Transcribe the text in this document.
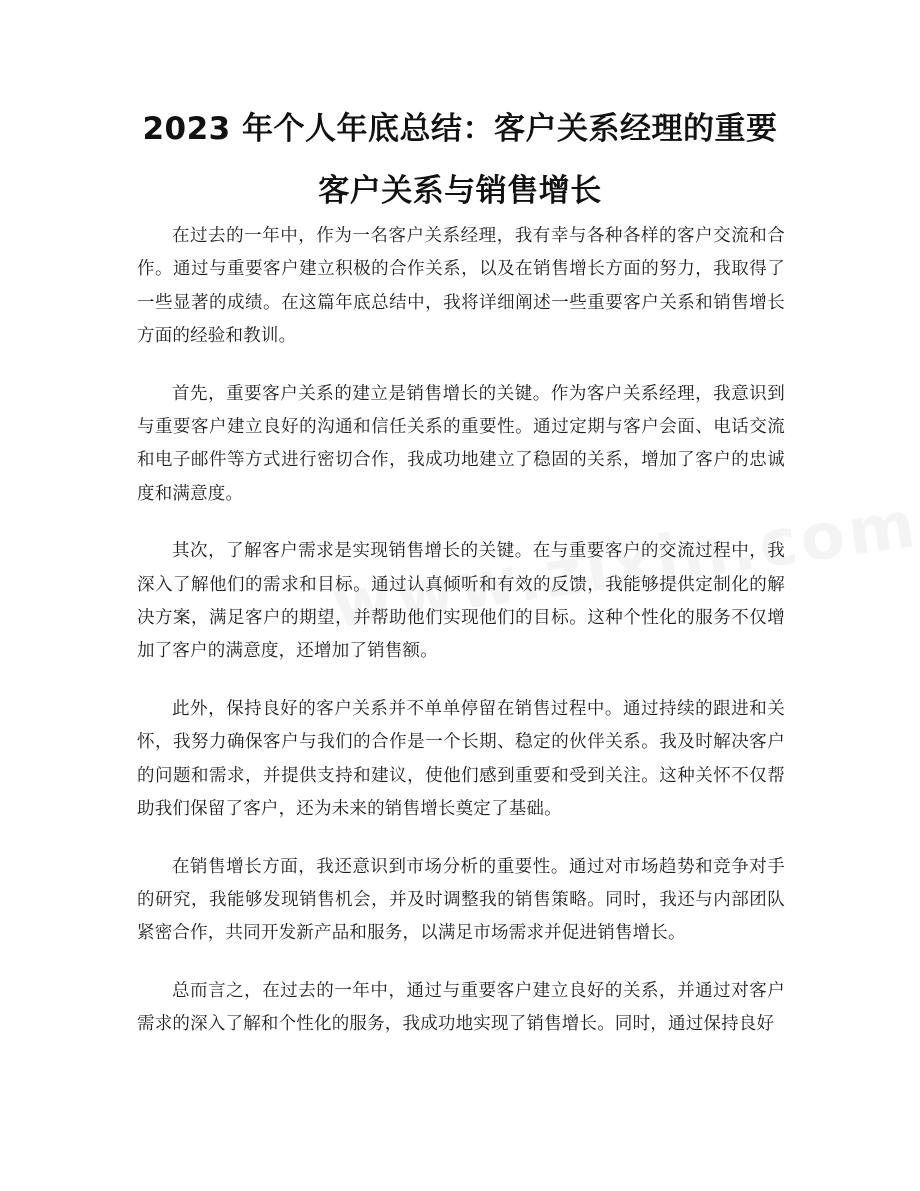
2023 年个人年底总结：客户关系经理的重要
客户关系与销售增长

在过去的一年中，作为一名客户关系经理，我有幸与各种各样的客户交流和合作。通过与重要客户建立积极的合作关系，以及在销售增长方面的努力，我取得了一些显著的成绩。在这篇年底总结中，我将详细阐述一些重要客户关系和销售增长方面的经验和教训。

首先，重要客户关系的建立是销售增长的关键。作为客户关系经理，我意识到与重要客户建立良好的沟通和信任关系的重要性。通过定期与客户会面、电话交流和电子邮件等方式进行密切合作，我成功地建立了稳固的关系，增加了客户的忠诚度和满意度。

其次，了解客户需求是实现销售增长的关键。在与重要客户的交流过程中，我深入了解他们的需求和目标。通过认真倾听和有效的反馈，我能够提供定制化的解决方案，满足客户的期望，并帮助他们实现他们的目标。这种个性化的服务不仅增加了客户的满意度，还增加了销售额。

此外，保持良好的客户关系并不单单停留在销售过程中。通过持续的跟进和关怀，我努力确保客户与我们的合作是一个长期、稳定的伙伴关系。我及时解决客户的问题和需求，并提供支持和建议，使他们感到重要和受到关注。这种关怀不仅帮助我们保留了客户，还为未来的销售增长奠定了基础。

在销售增长方面，我还意识到市场分析的重要性。通过对市场趋势和竞争对手的研究，我能够发现销售机会，并及时调整我的销售策略。同时，我还与内部团队紧密合作，共同开发新产品和服务，以满足市场需求并促进销售增长。

总而言之，在过去的一年中，通过与重要客户建立良好的关系，并通过对客户需求的深入了解和个性化的服务，我成功地实现了销售增长。同时，通过保持良好
